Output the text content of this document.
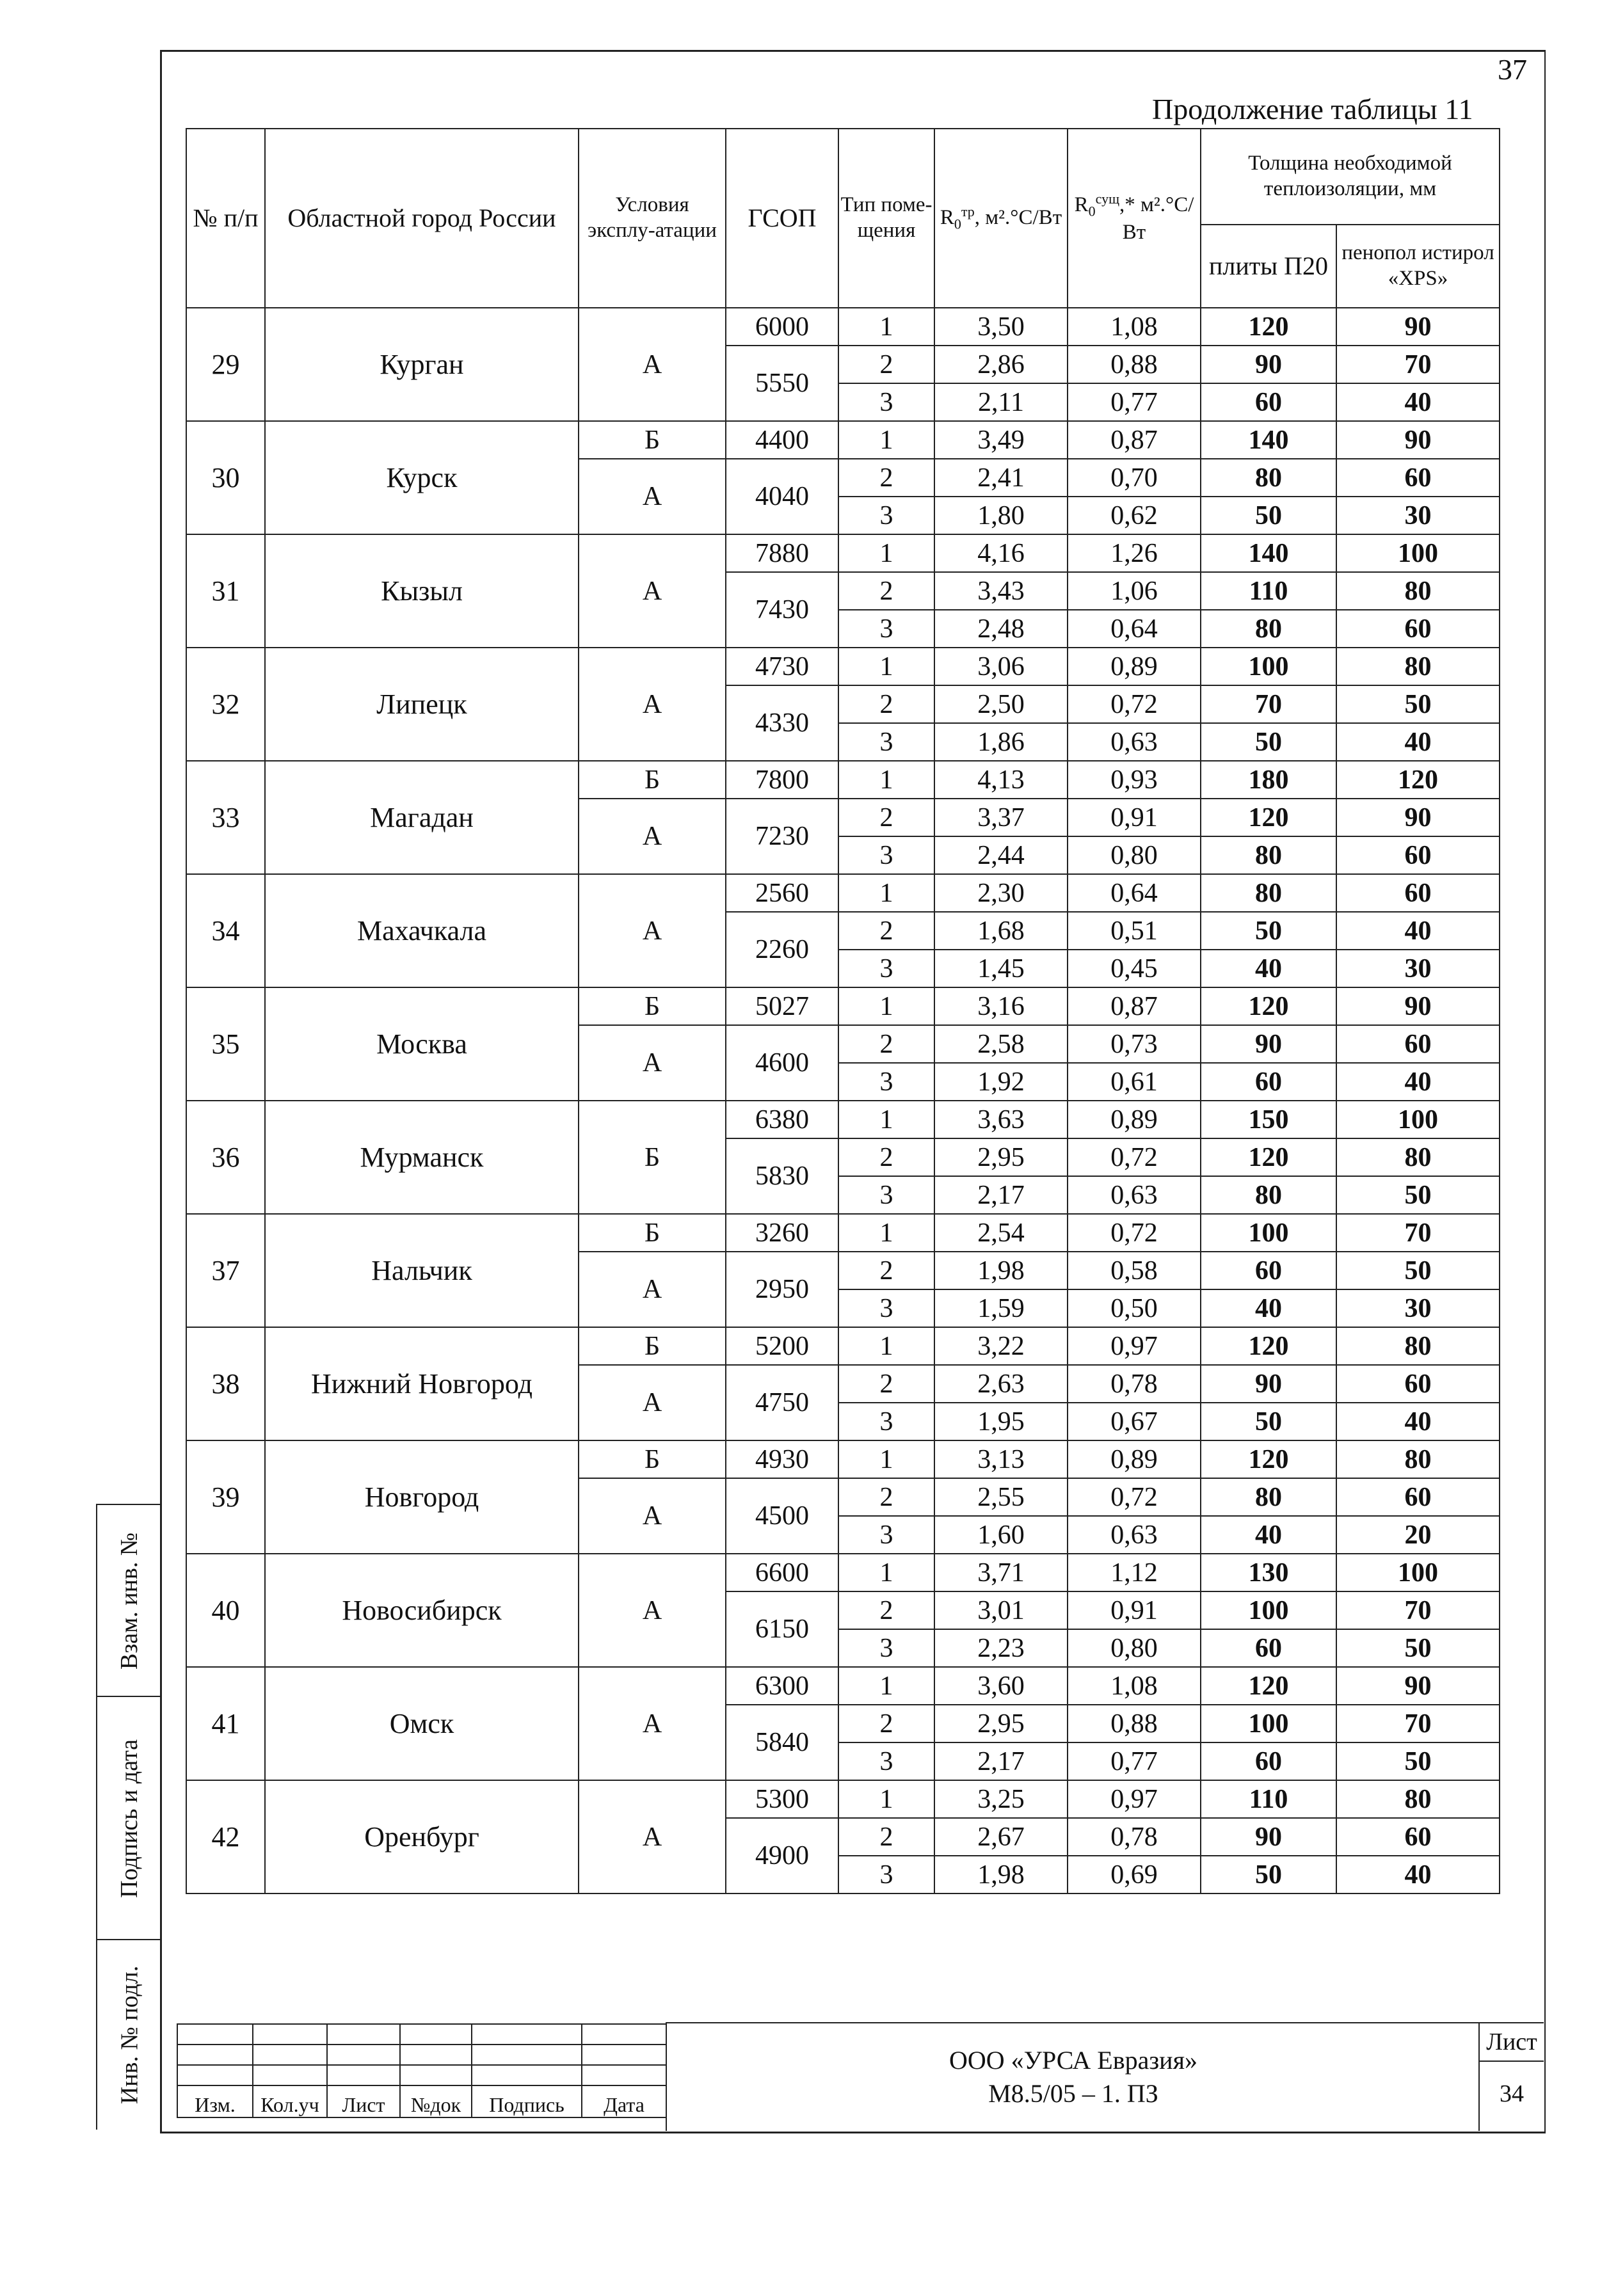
37
Продолжение таблицы 11
№ п/п	Областной город России	Условия эксплу-атации	ГСОП	Тип поме-щения	$R_0^{тр}$, м².°C/Вт	$R_0^{сущ},*$ м².°C/Вт	Толщина необходимой теплоизоляции, мм	
							плиты П20	пенопол истирол «XPS»
29	Курган	А	6000	1	3,50	1,08	120	90
			5550	2	2,86	0,88	90	70
				3	2,11	0,77	60	40
30	Курск	Б	4400	1	3,49	0,87	140	90
		А	4040	2	2,41	0,70	80	60
				3	1,80	0,62	50	30
31	Кызыл	А	7880	1	4,16	1,26	140	100
			7430	2	3,43	1,06	110	80
				3	2,48	0,64	80	60
32	Липецк	А	4730	1	3,06	0,89	100	80
			4330	2	2,50	0,72	70	50
				3	1,86	0,63	50	40
33	Магадан	Б	7800	1	4,13	0,93	180	120
		А	7230	2	3,37	0,91	120	90
				3	2,44	0,80	80	60
34	Махачкала	А	2560	1	2,30	0,64	80	60
			2260	2	1,68	0,51	50	40
				3	1,45	0,45	40	30
35	Москва	Б	5027	1	3,16	0,87	120	90
		А	4600	2	2,58	0,73	90	60
				3	1,92	0,61	60	40
36	Мурманск	Б	6380	1	3,63	0,89	150	100
			5830	2	2,95	0,72	120	80
				3	2,17	0,63	80	50
37	Нальчик	Б	3260	1	2,54	0,72	100	70
		А	2950	2	1,98	0,58	60	50
				3	1,59	0,50	40	30
38	Нижний Новгород	Б	5200	1	3,22	0,97	120	80
		А	4750	2	2,63	0,78	90	60
				3	1,95	0,67	50	40
39	Новгород	Б	4930	1	3,13	0,89	120	80
		А	4500	2	2,55	0,72	80	60
				3	1,60	0,63	40	20
40	Новосибирск	А	6600	1	3,71	1,12	130	100
			6150	2	3,01	0,91	100	70
				3	2,23	0,80	60	50
41	Омск	А	6300	1	3,60	1,08	120	90
			5840	2	2,95	0,88	100	70
				3	2,17	0,77	60	50
42	Оренбург	А	5300	1	3,25	0,97	110	80
			4900	2	2,67	0,78	90	60
				3	1,98	0,69	50	40
Взам. инв. №
Подпись и дата
Инв. № подл.

Изм.	Кол.уч	Лист	№док	Подпись	Дата
ООО «УРСА Евразия»
М8.5/05 – 1. ПЗ
Лист
34
